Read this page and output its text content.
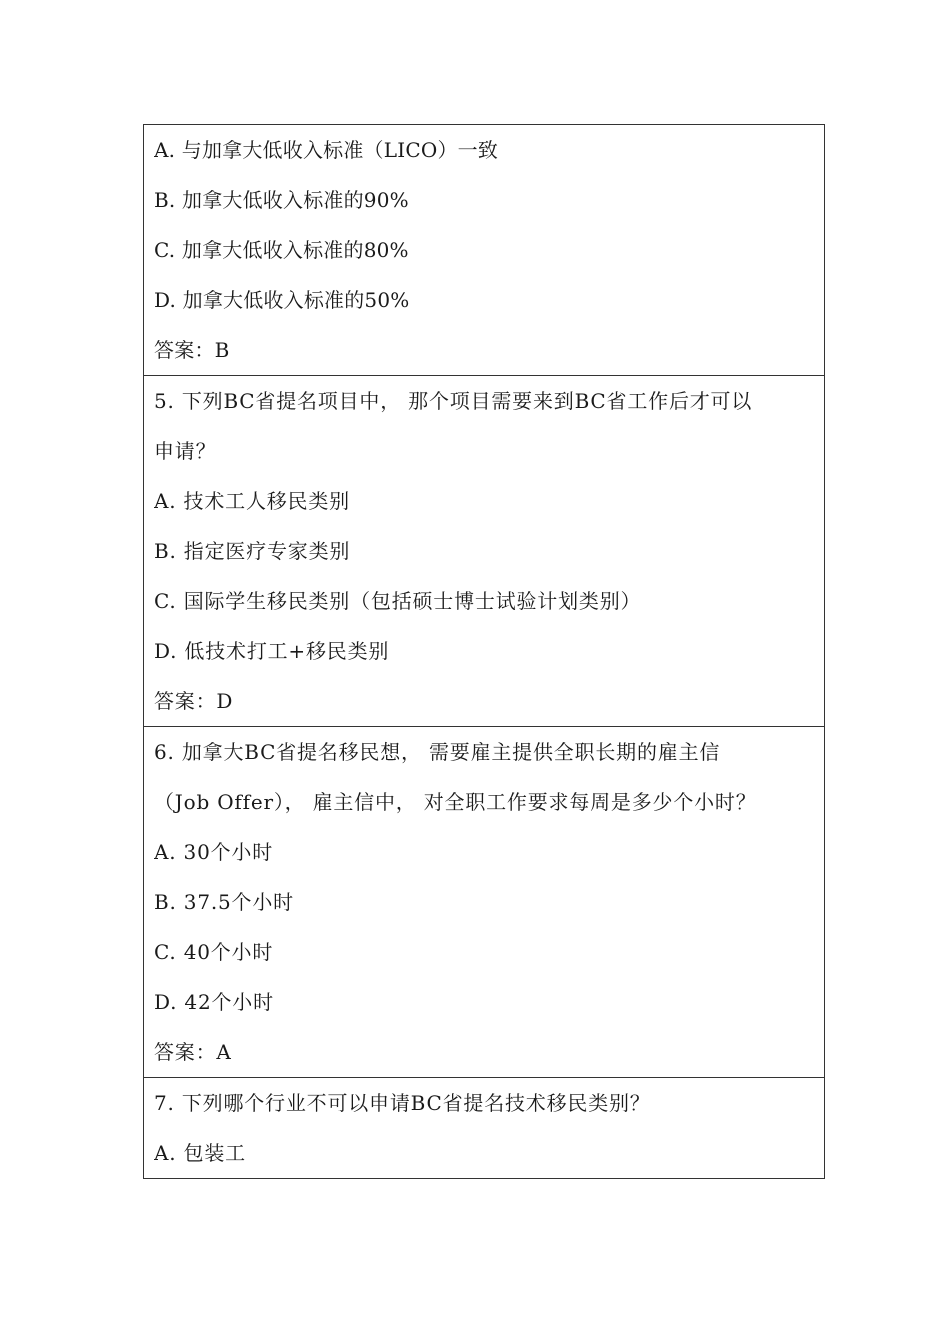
A. 与加拿大低收入标准（LICO）一致
B. 加拿大低收入标准的90%
C. 加拿大低收入标准的80%
D. 加拿大低收入标准的50%
答案：B
5. 下列BC省提名项目中， 那个项目需要来到BC省工作后才可以
申请？
A. 技术工人移民类别
B. 指定医疗专家类别
C. 国际学生移民类别（包括硕士博士试验计划类别）
D. 低技术打工+移民类别
答案：D
6. 加拿大BC省提名移民想， 需要雇主提供全职长期的雇主信
（Job Offer）， 雇主信中， 对全职工作要求每周是多少个小时？
A. 30个小时
B. 37.5个小时
C. 40个小时
D. 42个小时
答案：A
7. 下列哪个行业不可以申请BC省提名技术移民类别？
A. 包装工
